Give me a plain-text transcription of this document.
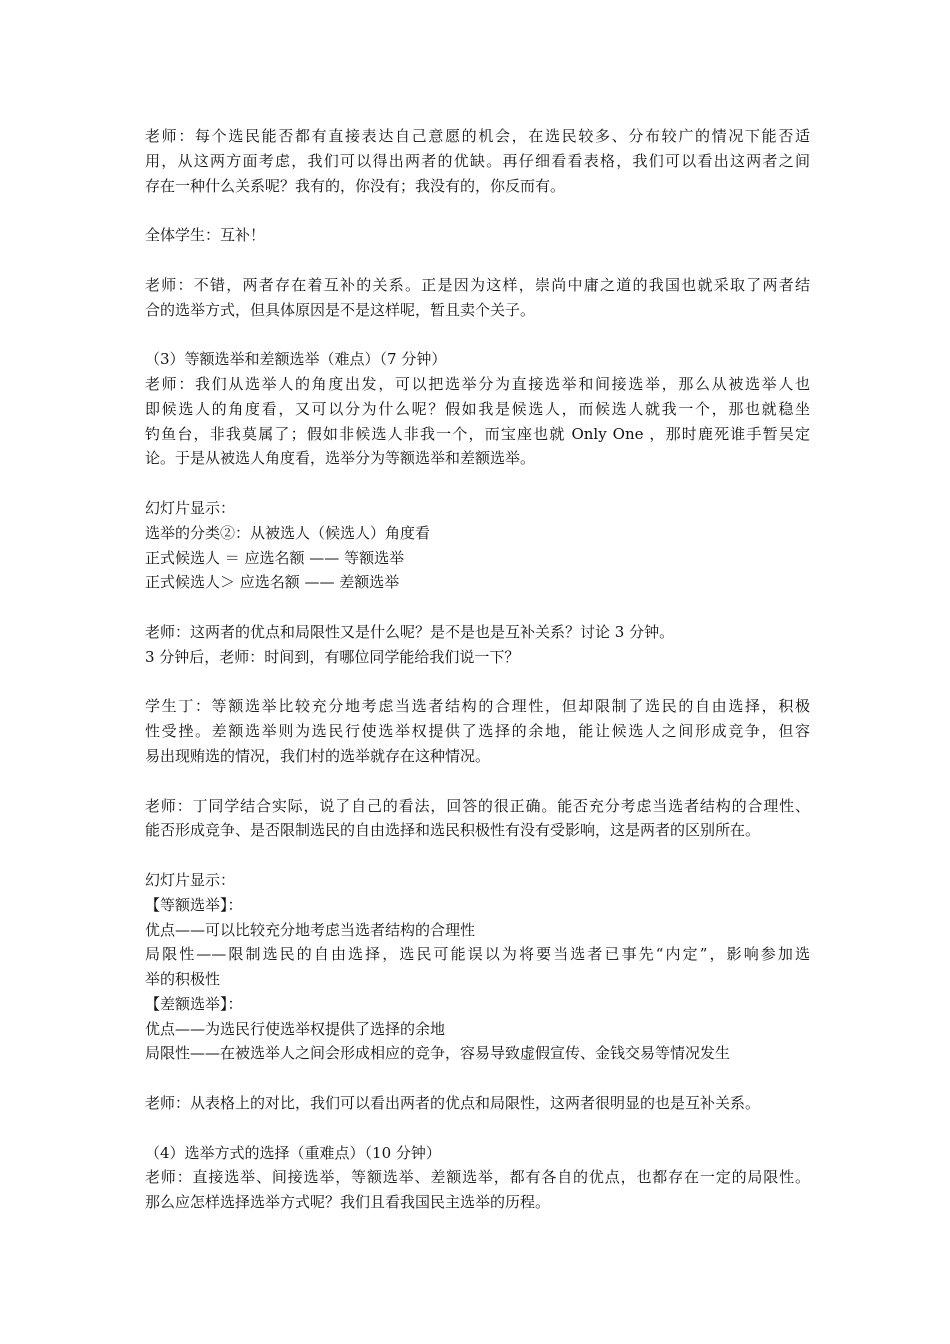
老师：每个选民能否都有直接表达自己意愿的机会，在选民较多、分布较广的情况下能否适
用，从这两方面考虑，我们可以得出两者的优缺。再仔细看看表格，我们可以看出这两者之间
存在一种什么关系呢？我有的，你没有；我没有的，你反而有。
全体学生：互补！
老师：不错，两者存在着互补的关系。正是因为这样，崇尚中庸之道的我国也就采取了两者结
合的选举方式，但具体原因是不是这样呢，暂且卖个关子。
（3）等额选举和差额选举（难点）（7 分钟）
老师：我们从选举人的角度出发，可以把选举分为直接选举和间接选举，那么从被选举人也
即候选人的角度看，又可以分为什么呢？假如我是候选人，而候选人就我一个，那也就稳坐
钓鱼台，非我莫属了；假如非候选人非我一个，而宝座也就 Only One ，那时鹿死谁手暂吴定
论。于是从被选人角度看，选举分为等额选举和差额选举。
幻灯片显示：
选举的分类②：从被选人（候选人）角度看
正式候选人 ＝ 应选名额 —— 等额选举
正式候选人＞ 应选名额 —— 差额选举
老师：这两者的优点和局限性又是什么呢？是不是也是互补关系？讨论 3 分钟。
3 分钟后，老师：时间到，有哪位同学能给我们说一下？
学生丁：等额选举比较充分地考虑当选者结构的合理性，但却限制了选民的自由选择，积极
性受挫。差额选举则为选民行使选举权提供了选择的余地，能让候选人之间形成竞争，但容
易出现贿选的情况，我们村的选举就存在这种情况。
老师：丁同学结合实际，说了自己的看法，回答的很正确。能否充分考虑当选者结构的合理性、
能否形成竞争、是否限制选民的自由选择和选民积极性有没有受影响，这是两者的区别所在。
幻灯片显示：
【等额选举】：
优点——可以比较充分地考虑当选者结构的合理性
局限性——限制选民的自由选择，选民可能误以为将要当选者已事先“内定”，影响参加选
举的积极性
【差额选举】：
优点——为选民行使选举权提供了选择的余地
局限性——在被选举人之间会形成相应的竞争，容易导致虚假宣传、金钱交易等情况发生
老师：从表格上的对比，我们可以看出两者的优点和局限性，这两者很明显的也是互补关系。
（4）选举方式的选择（重难点）（10 分钟）
老师：直接选举、间接选举，等额选举、差额选举，都有各自的优点，也都存在一定的局限性。
那么应怎样选择选举方式呢？我们且看我国民主选举的历程。
